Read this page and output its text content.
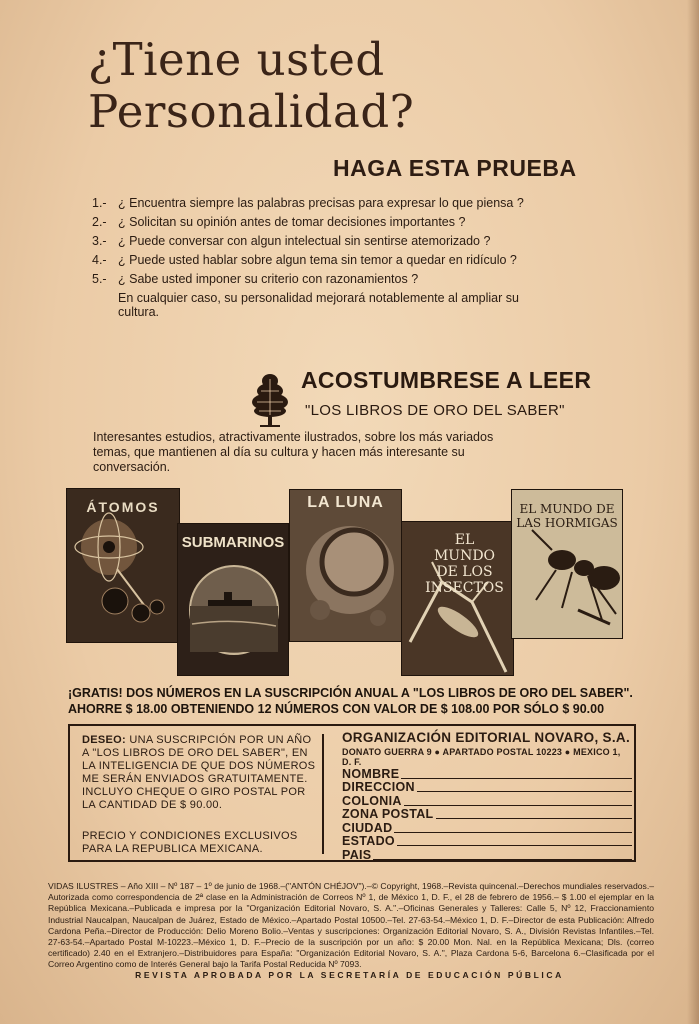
¿Tiene usted
Personalidad?
HAGA ESTA PRUEBA
1.- ¿ Encuentra siempre las palabras precisas para expresar lo que piensa ?
2.- ¿ Solicitan su opinión antes de tomar decisiones importantes ?
3.- ¿ Puede conversar con algun intelectual sin sentirse atemorizado ?
4.- ¿ Puede usted hablar sobre algun tema sin temor a quedar en ridículo ?
5.- ¿ Sabe usted imponer su criterio con razonamientos ?
En cualquier caso, su personalidad mejorará notablemente al ampliar su cultura.
ACOSTUMBRESE A LEER
"LOS LIBROS DE ORO DEL SABER"
Interesantes estudios, atractivamente ilustrados, sobre los más variados temas, que mantienen al día su cultura y hacen más interesante su conversación.
ÁTOMOS
SUBMARINOS
LA LUNA
EL MUNDO DE LOS INSECTOS
EL MUNDO DE LAS HORMIGAS
¡GRATIS! DOS NÚMEROS EN LA SUSCRIPCIÓN ANUAL A "LOS LIBROS DE ORO DEL SABER".
AHORRE $ 18.00 OBTENIENDO 12 NÚMEROS CON VALOR DE $ 108.00 POR SÓLO $ 90.00
DESEO: UNA SUSCRIPCIÓN POR UN AÑO A "LOS LIBROS DE ORO DEL SABER", EN LA INTELIGENCIA DE QUE DOS NÚMEROS ME SERÁN ENVIADOS GRATUITAMENTE. INCLUYO CHEQUE O GIRO POSTAL POR LA CANTIDAD DE $ 90.00.
PRECIO Y CONDICIONES EXCLUSIVOS PARA LA REPUBLICA MEXICANA.
ORGANIZACIÓN EDITORIAL NOVARO, S.A.
DONATO GUERRA 9 ● APARTADO POSTAL 10223 ● MEXICO 1, D. F.
NOMBRE
DIRECCION
COLONIA
ZONA POSTAL
CIUDAD
ESTADO
PAIS
VIDAS ILUSTRES – Año XIII – Nº 187 – 1º de junio de 1968.–("ANTÓN CHÉJOV").–© Copyright, 1968.–Revista quincenal.–Derechos mundiales reservados.–Autorizada como correspondencia de 2ª clase en la Administración de Correos Nº 1, de México 1, D. F., el 28 de febrero de 1956.– $ 1.00 el ejemplar en la República Mexicana.–Publicada e impresa por la "Organización Editorial Novaro, S. A.".–Oficinas Generales y Talleres: Calle 5, Nº 12, Fraccionamiento Industrial Naucalpan, Naucalpan de Juárez, Estado de México.–Apartado Postal 10500.–Tel. 27-63-54.–México 1, D. F.–Director de esta Publicación: Alfredo Cardona Peña.–Director de Producción: Delio Moreno Bolio.–Ventas y suscripciones: Organización Editorial Novaro, S. A., División Revistas Infantiles.–Tel. 27-63-54.–Apartado Postal M-10223.–México 1, D. F.–Precio de la suscripción por un año: $ 20.00 Mon. Nal. en la República Mexicana; Dls. (correo certificado) 2.40 en el Extranjero.–Distribuidores para España: "Organización Editorial Novaro, S. A.", Plaza Cardona 5-6, Barcelona 6.–Clasificada por el Correo Argentino como de Interés General bajo la Tarifa Postal Reducida Nº 7093.
REVISTA APROBADA POR LA SECRETARÍA DE EDUCACIÓN PÚBLICA
